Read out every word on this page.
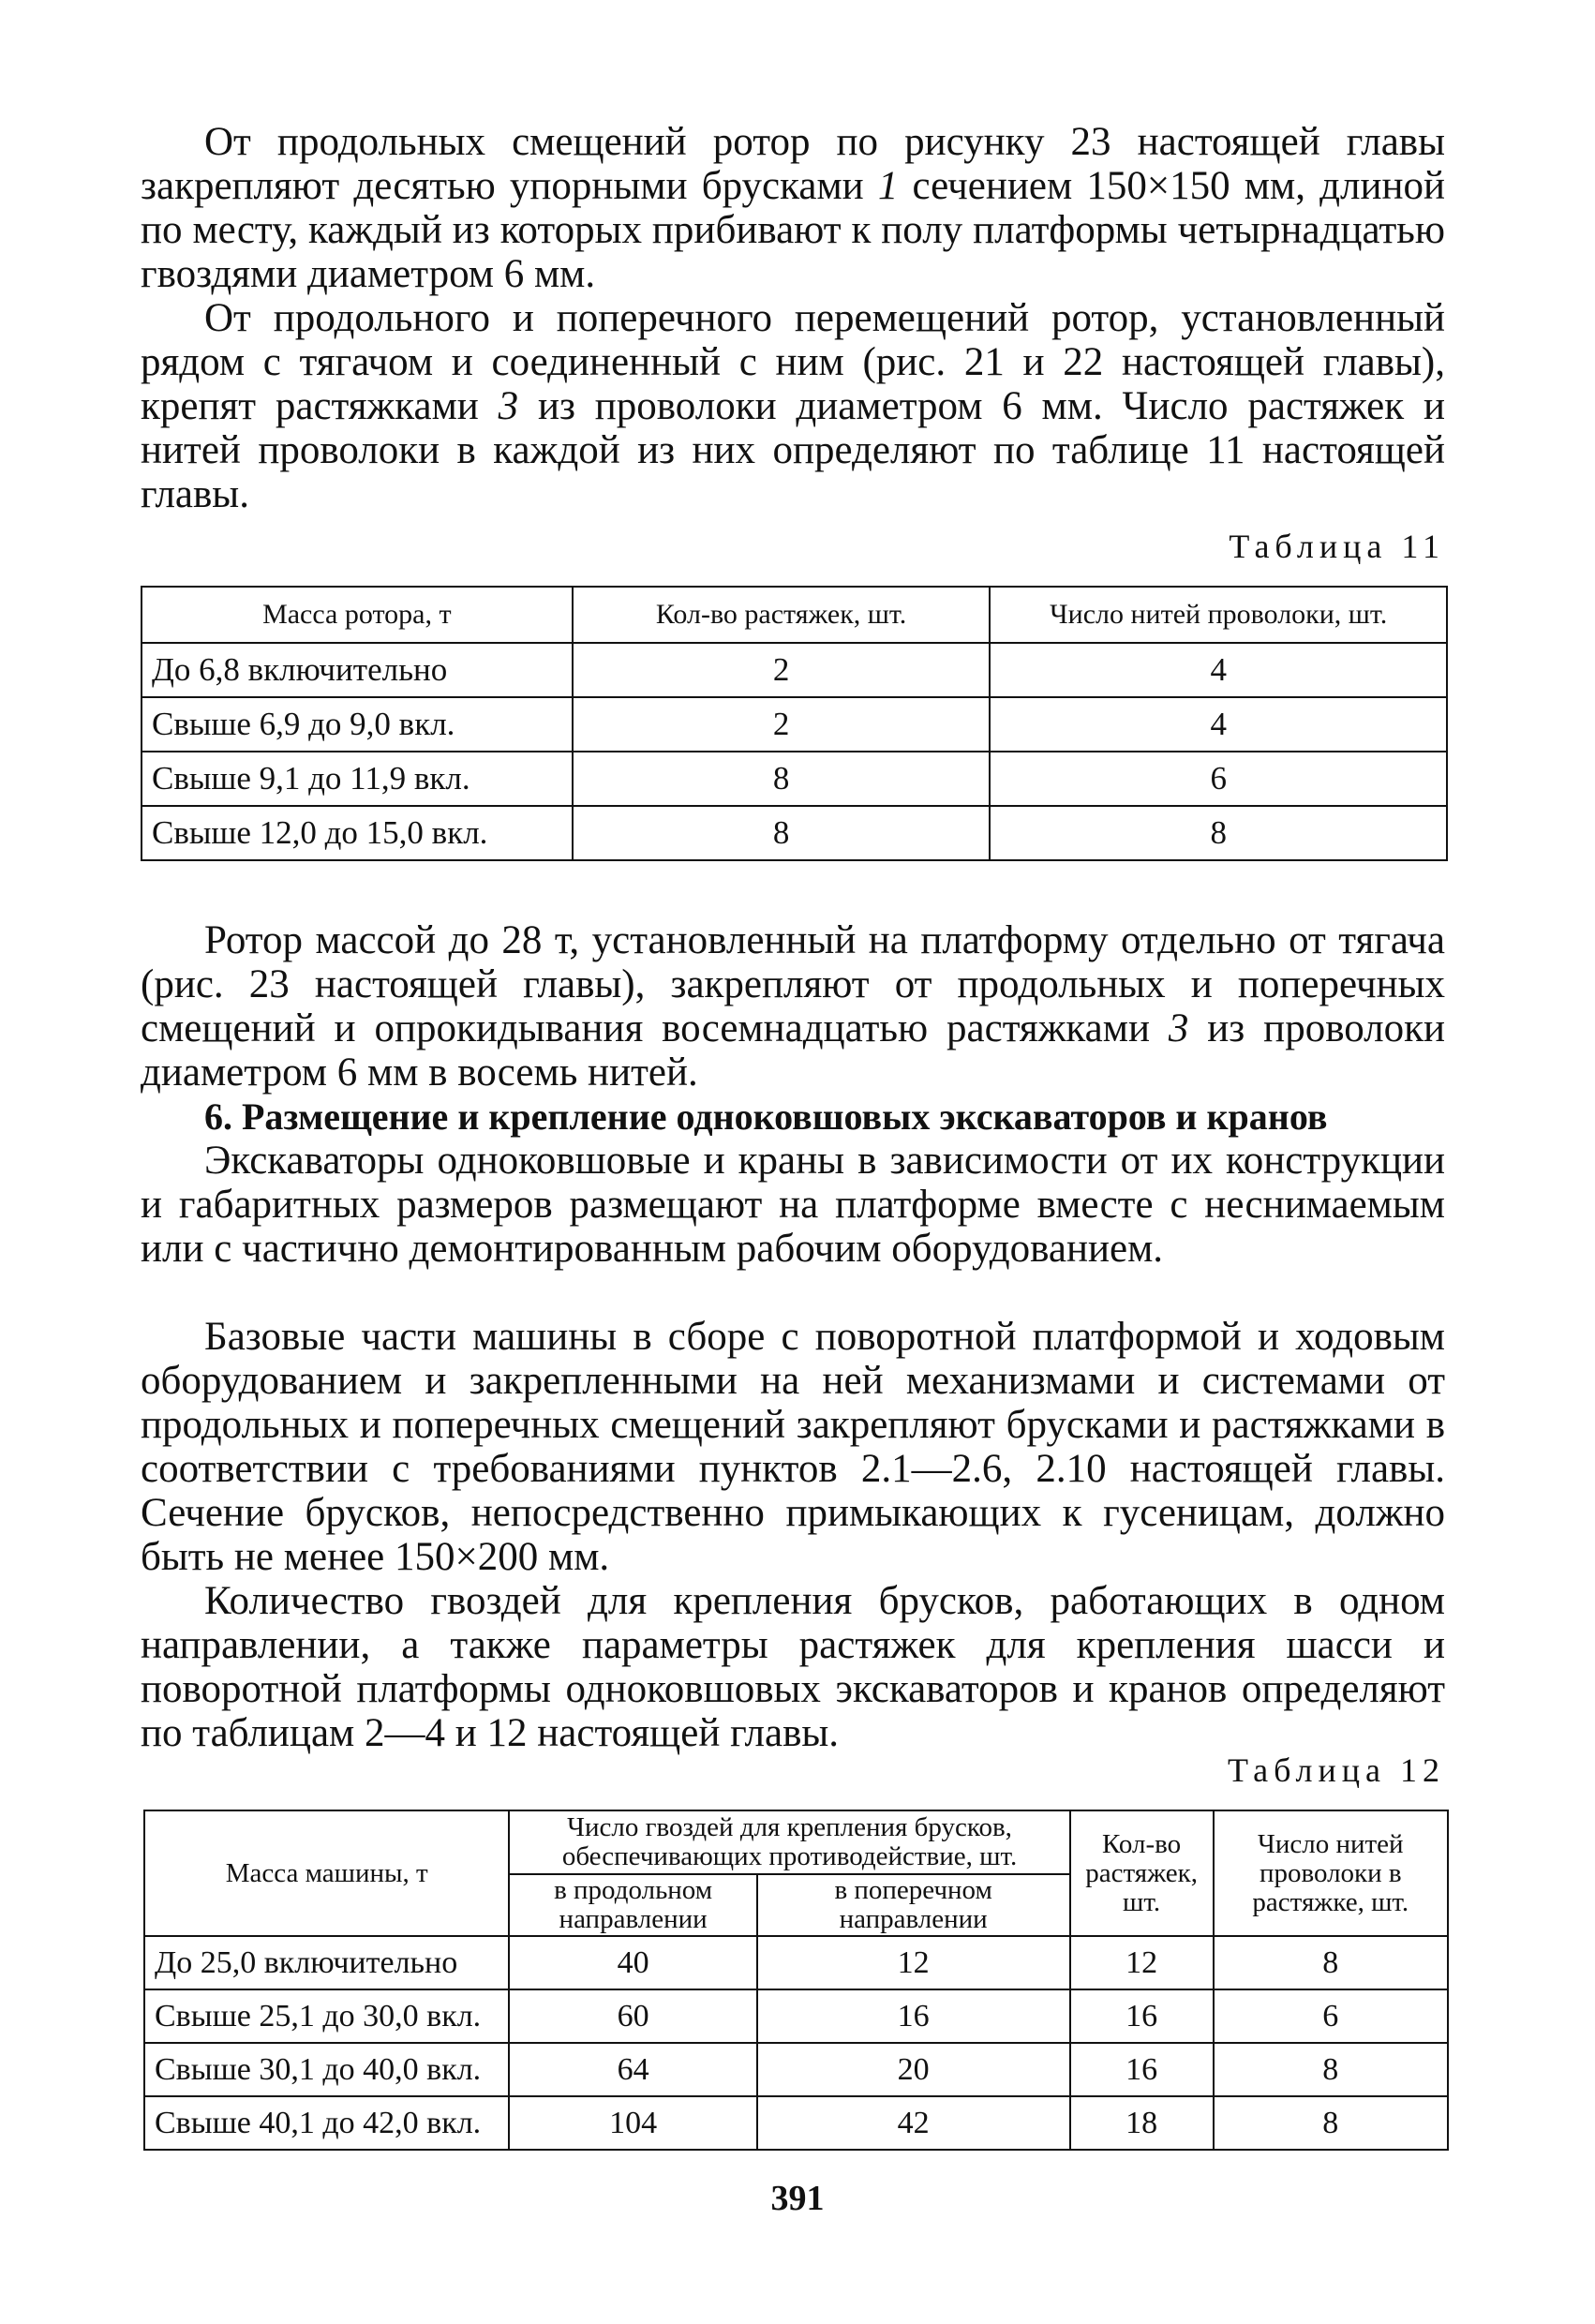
От продольных смещений ротор по рисунку 23 настоящей главы закрепляют десятью упорными брусками 1 сечением 150×150 мм, длиной по месту, каждый из которых прибивают к полу платформы четырнадцатью гвоздями диаметром 6 мм.

От продольного и поперечного перемещений ротор, установленный рядом с тягачом и соединенный с ним (рис. 21 и 22 настоящей главы), крепят растяжками 3 из проволоки диаметром 6 мм. Число растяжек и нитей проволоки в каждой из них определяют по таблице 11 настоящей главы.

Таблица 11
Масса ротора, т	Кол-во растяжек, шт.	Число нитей проволоки, шт.
До 6,8 включительно	2	4
Свыше 6,9 до 9,0 вкл.	2	4
Свыше 9,1 до 11,9 вкл.	8	6
Свыше 12,0 до 15,0 вкл.	8	8

Ротор массой до 28 т, установленный на платформу отдельно от тягача (рис. 23 настоящей главы), закрепляют от продольных и поперечных смещений и опрокидывания восемнадцатью растяжками 3 из проволоки диаметром 6 мм в восемь нитей.

6. Размещение и крепление одноковшовых экскаваторов и кранов

Экскаваторы одноковшовые и краны в зависимости от их конструкции и габаритных размеров размещают на платформе вместе с неснимаемым или с частично демонтированным рабочим оборудованием.

Базовые части машины в сборе с поворотной платформой и ходовым оборудованием и закрепленными на ней механизмами и системами от продольных и поперечных смещений закрепляют брусками и растяжками в соответствии с требованиями пунктов 2.1—2.6, 2.10 настоящей главы. Сечение брусков, непосредственно примыкающих к гусеницам, должно быть не менее 150×200 мм.

Количество гвоздей для крепления брусков, работающих в одном направлении, а также параметры растяжек для крепления шасси и поворотной платформы одноковшовых экскаваторов и кранов определяют по таблицам 2—4 и 12 настоящей главы.

Таблица 12
Масса машины, т	Число гвоздей для крепления брусков, обеспечивающих противодействие, шт.		Кол-во растяжек, шт.	Число нитей проволоки в растяжке, шт.
	в продольном направлении	в поперечном направлении		
До 25,0 включительно	40	12	12	8
Свыше 25,1 до 30,0 вкл.	60	16	16	6
Свыше 30,1 до 40,0 вкл.	64	20	16	8
Свыше 40,1 до 42,0 вкл.	104	42	18	8
391
